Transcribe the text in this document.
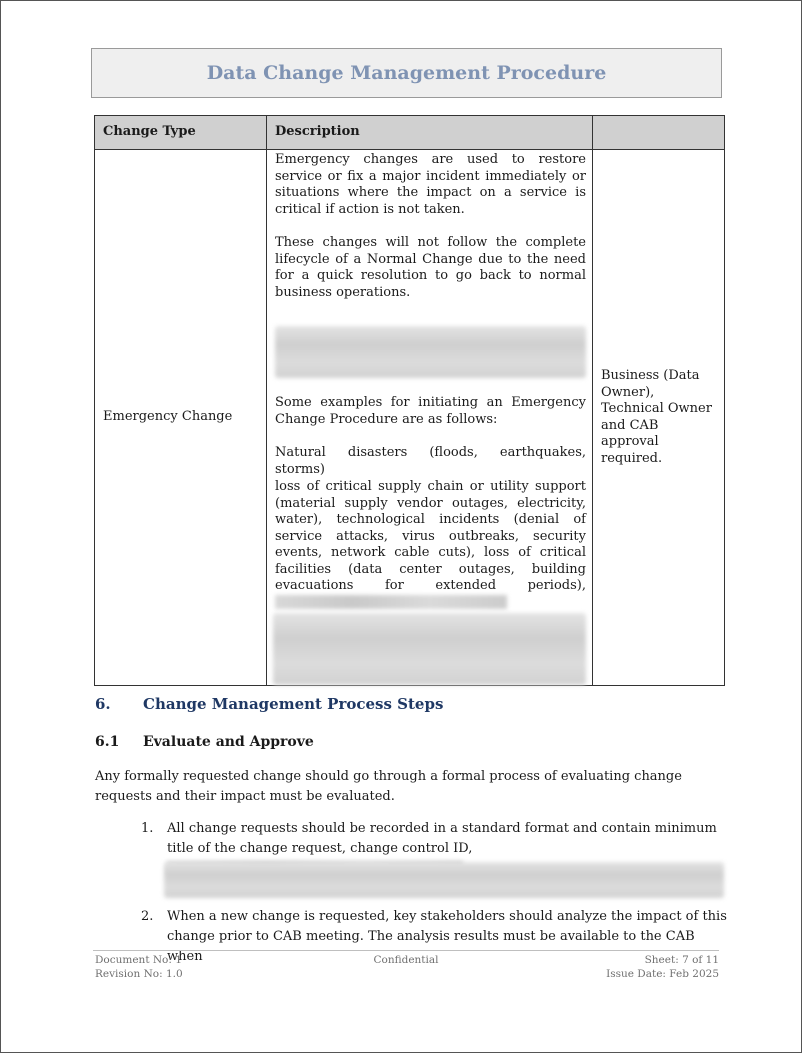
Data Change Management Procedure
Change Type	Description	
Emergency Change	Emergency changes are used to restore service or fix a major incident immediately or situations where the impact on a service is critical if action is not taken.

These changes will not follow the complete lifecycle of a Normal Change due to the need for a quick resolution to go back to normal business operations.

Some examples for initiating an Emergency Change Procedure are as follows:

Natural disasters (floods, earthquakes, storms)

loss of critical supply chain or utility support (material supply vendor outages, electricity, water), technological incidents (denial of service attacks, virus outbreaks, security events, network cable cuts), loss of critical facilities (data center outages, building evacuations for extended periods),	Business (Data Owner), Technical Owner and CAB approval required.
6. Change Management Process Steps
6.1 Evaluate and Approve

Any formally requested change should go through a formal process of evaluating change requests and their impact must be evaluated.

1.	All change requests should be recorded in a standard format and contain minimum title of the change request, change control ID,
2.	When a new change is requested, key stakeholders should analyze the impact of this change prior to CAB meeting. The analysis results must be available to the CAB when
Document No: 1
Revision No: 1.0
Confidential	Sheet: 7 of 11
Issue Date: Feb 2025
